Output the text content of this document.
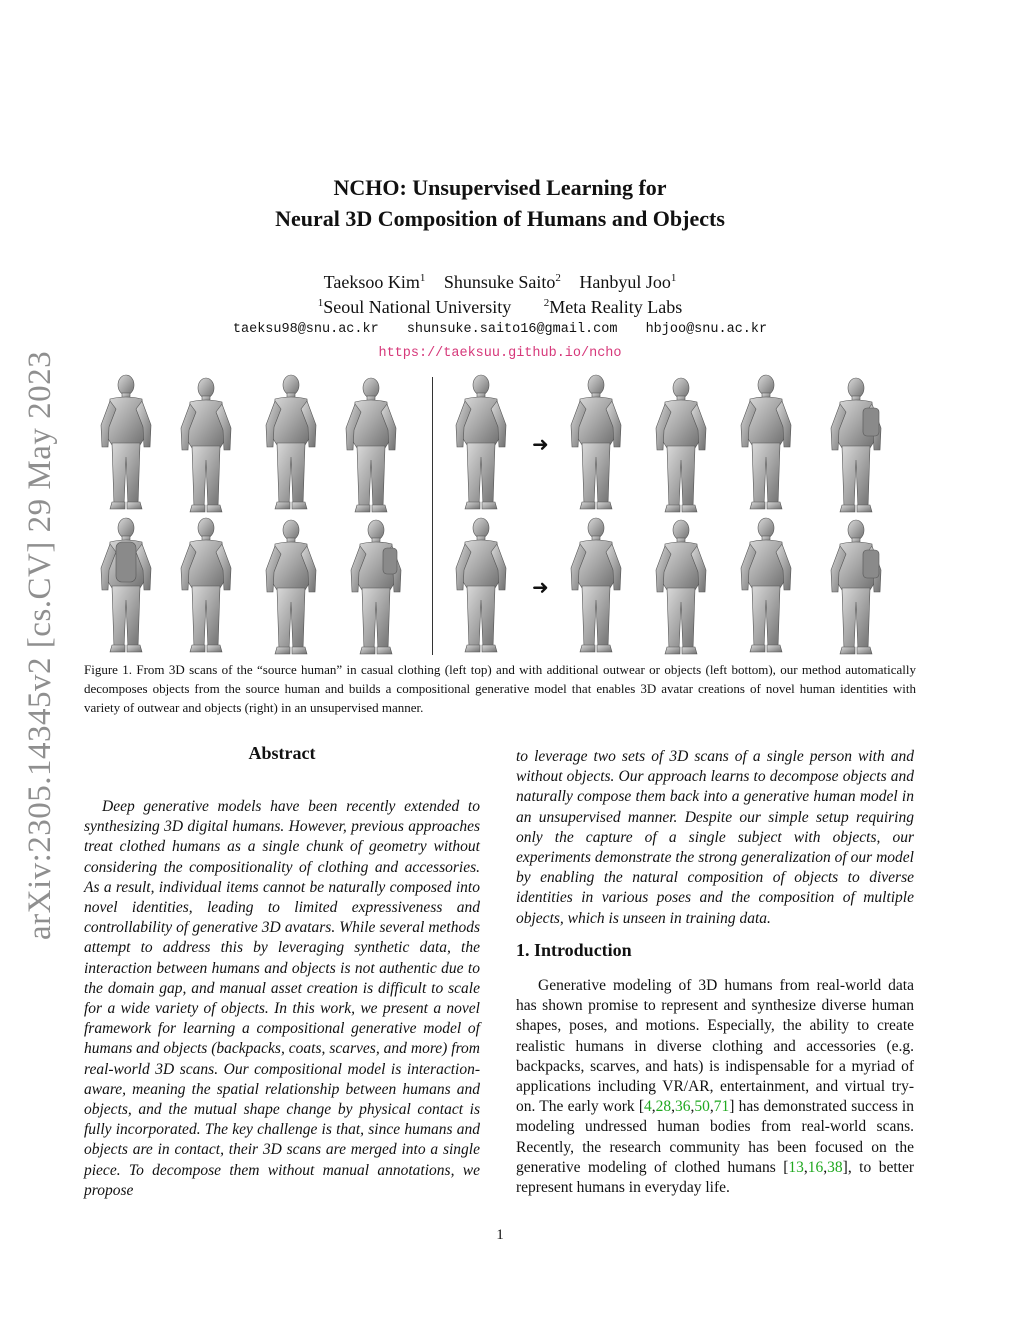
arXiv:2305.14345v2 [cs.CV] 29 May 2023
NCHO: Unsupervised Learning for
Neural 3D Composition of Humans and Objects
Taeksoo Kim$^1$ Shunsuke Saito$^2$ Hanbyul Joo$^1$
$^1$Seoul National University	$^2$Meta Reality Labs
taeksu98@snu.ac.kr shunsuke.saito16@gmail.com hbjoo@snu.ac.kr
https://taeksuu.github.io/ncho
➜
➜
Figure 1. From 3D scans of the “source human” in casual clothing (left top) and with additional outwear or objects (left bottom), our method automatically decomposes objects from the source human and builds a compositional generative model that enables 3D avatar creations of novel human identities with variety of outwear and objects (right) in an unsupervised manner.
Abstract

Deep generative models have been recently extended to synthesizing 3D digital humans. However, previous approaches treat clothed humans as a single chunk of geometry without considering the compositionality of clothing and accessories. As a result, individual items cannot be naturally composed into novel identities, leading to limited expressiveness and controllability of generative 3D avatars. While several methods attempt to address this by leveraging synthetic data, the interaction between humans and objects is not authentic due to the domain gap, and manual asset creation is difficult to scale for a wide variety of objects. In this work, we present a novel framework for learning a compositional generative model of humans and objects (backpacks, coats, scarves, and more) from real-world 3D scans. Our compositional model is interaction-aware, meaning the spatial relationship between humans and objects, and the mutual shape change by physical contact is fully incorporated. The key challenge is that, since humans and objects are in contact, their 3D scans are merged into a single piece. To decompose them without manual annotations, we propose

to leverage two sets of 3D scans of a single person with and without objects. Our approach learns to decompose objects and naturally compose them back into a generative human model in an unsupervised manner. Despite our simple setup requiring only the capture of a single subject with objects, our experiments demonstrate the strong generalization of our model by enabling the natural composition of objects to diverse identities in various poses and the composition of multiple objects, which is unseen in training data.

1. Introduction

Generative modeling of 3D humans from real-world data has shown promise to represent and synthesize diverse human shapes, poses, and motions. Especially, the ability to create realistic humans in diverse clothing and accessories (e.g. backpacks, scarves, and hats) is indispensable for a myriad of applications including VR/AR, entertainment, and virtual try-on. The early work [4,28,36,50,71] has demonstrated success in modeling undressed human bodies from real-world scans. Recently, the research community has been focused on the generative modeling of clothed humans [13,16,38], to better represent humans in everyday life.

1
